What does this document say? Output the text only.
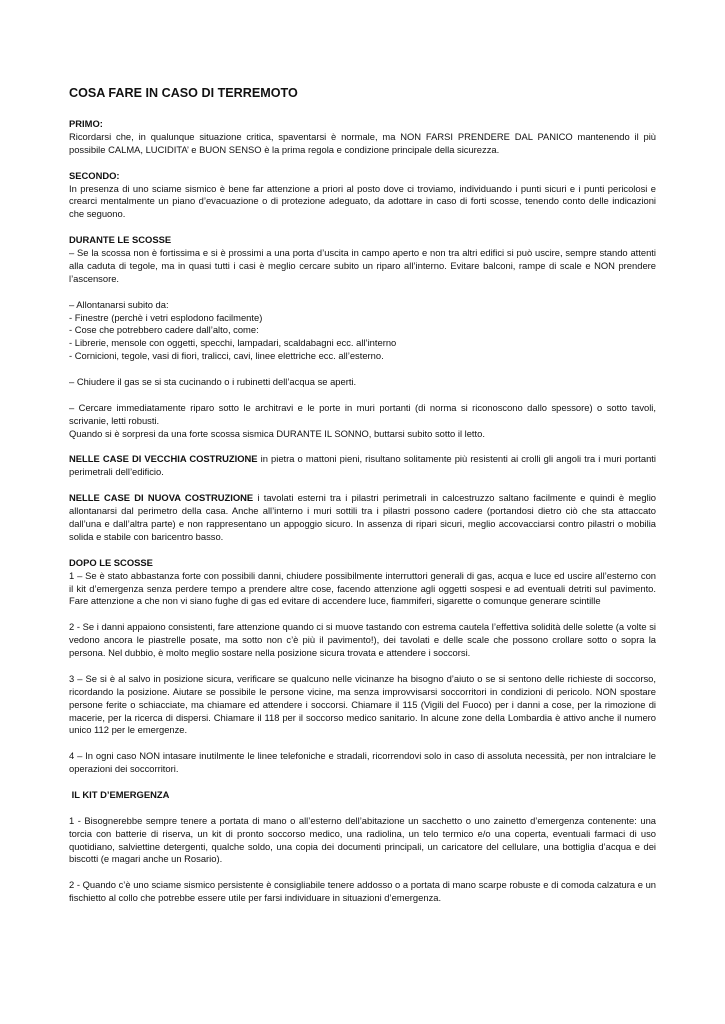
COSA FARE IN CASO DI TERREMOTO
PRIMO:

Ricordarsi che, in qualunque situazione critica, spaventarsi è normale, ma NON FARSI PRENDERE DAL PANICO mantenendo il più possibile CALMA, LUCIDITA’ e BUON SENSO è la prima regola e condizione principale della sicurezza.

SECONDO:

In presenza di uno sciame sismico è bene far attenzione a priori al posto dove ci troviamo, individuando i punti sicuri e i punti pericolosi e crearci mentalmente un piano d’evacuazione o di protezione adeguato, da adottare in caso di forti scosse, tenendo conto delle indicazioni che seguono.

DURANTE LE SCOSSE

– Se la scossa non è fortissima e si è prossimi a una porta d’uscita in campo aperto e non tra altri edifici si può uscire, sempre stando attenti alla caduta di tegole, ma in quasi tutti i casi è meglio cercare subito un riparo all’interno. Evitare balconi, rampe di scale e NON prendere l’ascensore.

– Allontanarsi subito da:

- Finestre (perchè i vetri esplodono facilmente)

- Cose che potrebbero cadere dall’alto, come:

- Librerie, mensole con oggetti, specchi, lampadari, scaldabagni ecc. all’interno

- Cornicioni, tegole, vasi di fiori, tralicci, cavi, linee elettriche ecc. all’esterno.

– Chiudere il gas se si sta cucinando o i rubinetti dell’acqua se aperti.

– Cercare immediatamente riparo sotto le architravi e le porte in muri portanti (di norma si riconoscono dallo spessore) o sotto tavoli, scrivanie, letti robusti.

Quando si è sorpresi da una forte scossa sismica DURANTE IL SONNO, buttarsi subito sotto il letto.

NELLE CASE DI VECCHIA COSTRUZIONE in pietra o mattoni pieni, risultano solitamente più resistenti ai crolli gli angoli tra i muri portanti perimetrali dell’edificio.

NELLE CASE DI NUOVA COSTRUZIONE i tavolati esterni tra i pilastri perimetrali in calcestruzzo saltano facilmente e quindi è meglio allontanarsi dal perimetro della casa. Anche all’interno i muri sottili tra i pilastri possono cadere (portandosi dietro ciò che sta attaccato dall’una e dall’altra parte) e non rappresentano un appoggio sicuro. In assenza di ripari sicuri, meglio accovacciarsi contro pilastri o mobilia solida e stabile con baricentro basso.

DOPO LE SCOSSE

1 – Se è stato abbastanza forte con possibili danni, chiudere possibilmente interruttori generali di gas, acqua e luce ed uscire all’esterno con il kit d’emergenza senza perdere tempo a prendere altre cose, facendo attenzione agli oggetti sospesi e ad eventuali detriti sul pavimento. Fare attenzione a che non vi siano fughe di gas ed evitare di accendere luce, fiammiferi, sigarette o comunque generare scintille

2 - Se i danni appaiono consistenti, fare attenzione quando ci si muove tastando con estrema cautela l’effettiva solidità delle solette (a volte si vedono ancora le piastrelle posate, ma sotto non c’è più il pavimento!), dei tavolati e delle scale che possono crollare sotto o sopra la persona. Nel dubbio, è molto meglio sostare nella posizione sicura trovata e attendere i soccorsi.

3 – Se si è al salvo in posizione sicura, verificare se qualcuno nelle vicinanze ha bisogno d’aiuto o se si sentono delle richieste di soccorso, ricordando la posizione. Aiutare se possibile le persone vicine, ma senza improvvisarsi soccorritori in condizioni di pericolo. NON spostare persone ferite o schiacciate, ma chiamare ed attendere i soccorsi. Chiamare il 115 (Vigili del Fuoco) per i danni a cose, per la rimozione di macerie, per la ricerca di dispersi. Chiamare il 118 per il soccorso medico sanitario. In alcune zone della Lombardia è attivo anche il numero unico 112 per le emergenze.

4 – In ogni caso NON intasare inutilmente le linee telefoniche e stradali, ricorrendovi solo in caso di assoluta necessità, per non intralciare le operazioni dei soccorritori.

IL KIT D’EMERGENZA

1 - Bisognerebbe sempre tenere a portata di mano o all’esterno dell’abitazione un sacchetto o uno zainetto d’emergenza contenente: una torcia con batterie di riserva, un kit di pronto soccorso medico, una radiolina, un telo termico e/o una coperta, eventuali farmaci di uso quotidiano, salviettine detergenti, qualche soldo, una copia dei documenti principali, un caricatore del cellulare, una bottiglia d’acqua e dei biscotti (e magari anche un Rosario).

2 - Quando c’è uno sciame sismico persistente è consigliabile tenere addosso o a portata di mano scarpe robuste e di comoda calzatura e un fischietto al collo che potrebbe essere utile per farsi individuare in situazioni d’emergenza.
